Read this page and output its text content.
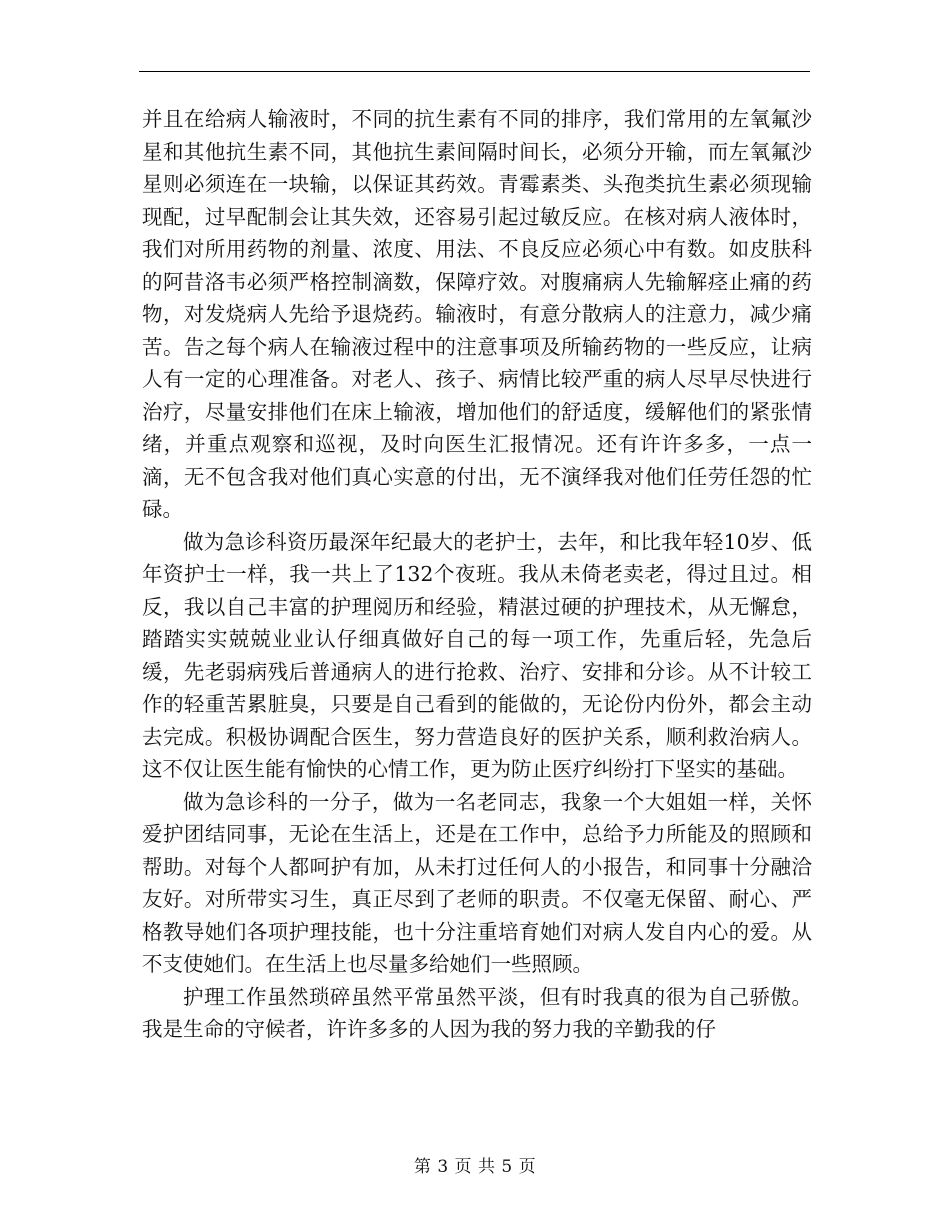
并且在给病人输液时，不同的抗生素有不同的排序，我们常用的左氧氟沙星和其他抗生素不同，其他抗生素间隔时间长，必须分开输，而左氧氟沙星则必须连在一块输，以保证其药效。青霉素类、头孢类抗生素必须现输现配，过早配制会让其失效，还容易引起过敏反应。在核对病人液体时，我们对所用药物的剂量、浓度、用法、不良反应必须心中有数。如皮肤科的阿昔洛韦必须严格控制滴数，保障疗效。对腹痛病人先输解痉止痛的药物，对发烧病人先给予退烧药。输液时，有意分散病人的注意力，减少痛苦。告之每个病人在输液过程中的注意事项及所输药物的一些反应，让病人有一定的心理准备。对老人、孩子、病情比较严重的病人尽早尽快进行治疗，尽量安排他们在床上输液，增加他们的舒适度，缓解他们的紧张情绪，并重点观察和巡视，及时向医生汇报情况。还有许许多多，一点一滴，无不包含我对他们真心实意的付出，无不演绎我对他们任劳任怨的忙碌。

做为急诊科资历最深年纪最大的老护士，去年，和比我年轻10岁、低年资护士一样，我一共上了132个夜班。我从未倚老卖老，得过且过。相反，我以自己丰富的护理阅历和经验，精湛过硬的护理技术，从无懈怠，踏踏实实兢兢业业认仔细真做好自己的每一项工作，先重后轻，先急后缓，先老弱病残后普通病人的进行抢救、治疗、安排和分诊。从不计较工作的轻重苦累脏臭，只要是自己看到的能做的，无论份内份外，都会主动去完成。积极协调配合医生，努力营造良好的医护关系，顺利救治病人。这不仅让医生能有愉快的心情工作，更为防止医疗纠纷打下坚实的基础。

做为急诊科的一分子，做为一名老同志，我象一个大姐姐一样，关怀爱护团结同事，无论在生活上，还是在工作中，总给予力所能及的照顾和帮助。对每个人都呵护有加，从未打过任何人的小报告，和同事十分融洽友好。对所带实习生，真正尽到了老师的职责。不仅毫无保留、耐心、严格教导她们各项护理技能，也十分注重培育她们对病人发自内心的爱。从不支使她们。在生活上也尽量多给她们一些照顾。

护理工作虽然琐碎虽然平常虽然平淡，但有时我真的很为自己骄傲。我是生命的守候者，许许多多的人因为我的努力我的辛勤我的仔

第 3 页 共 5 页
